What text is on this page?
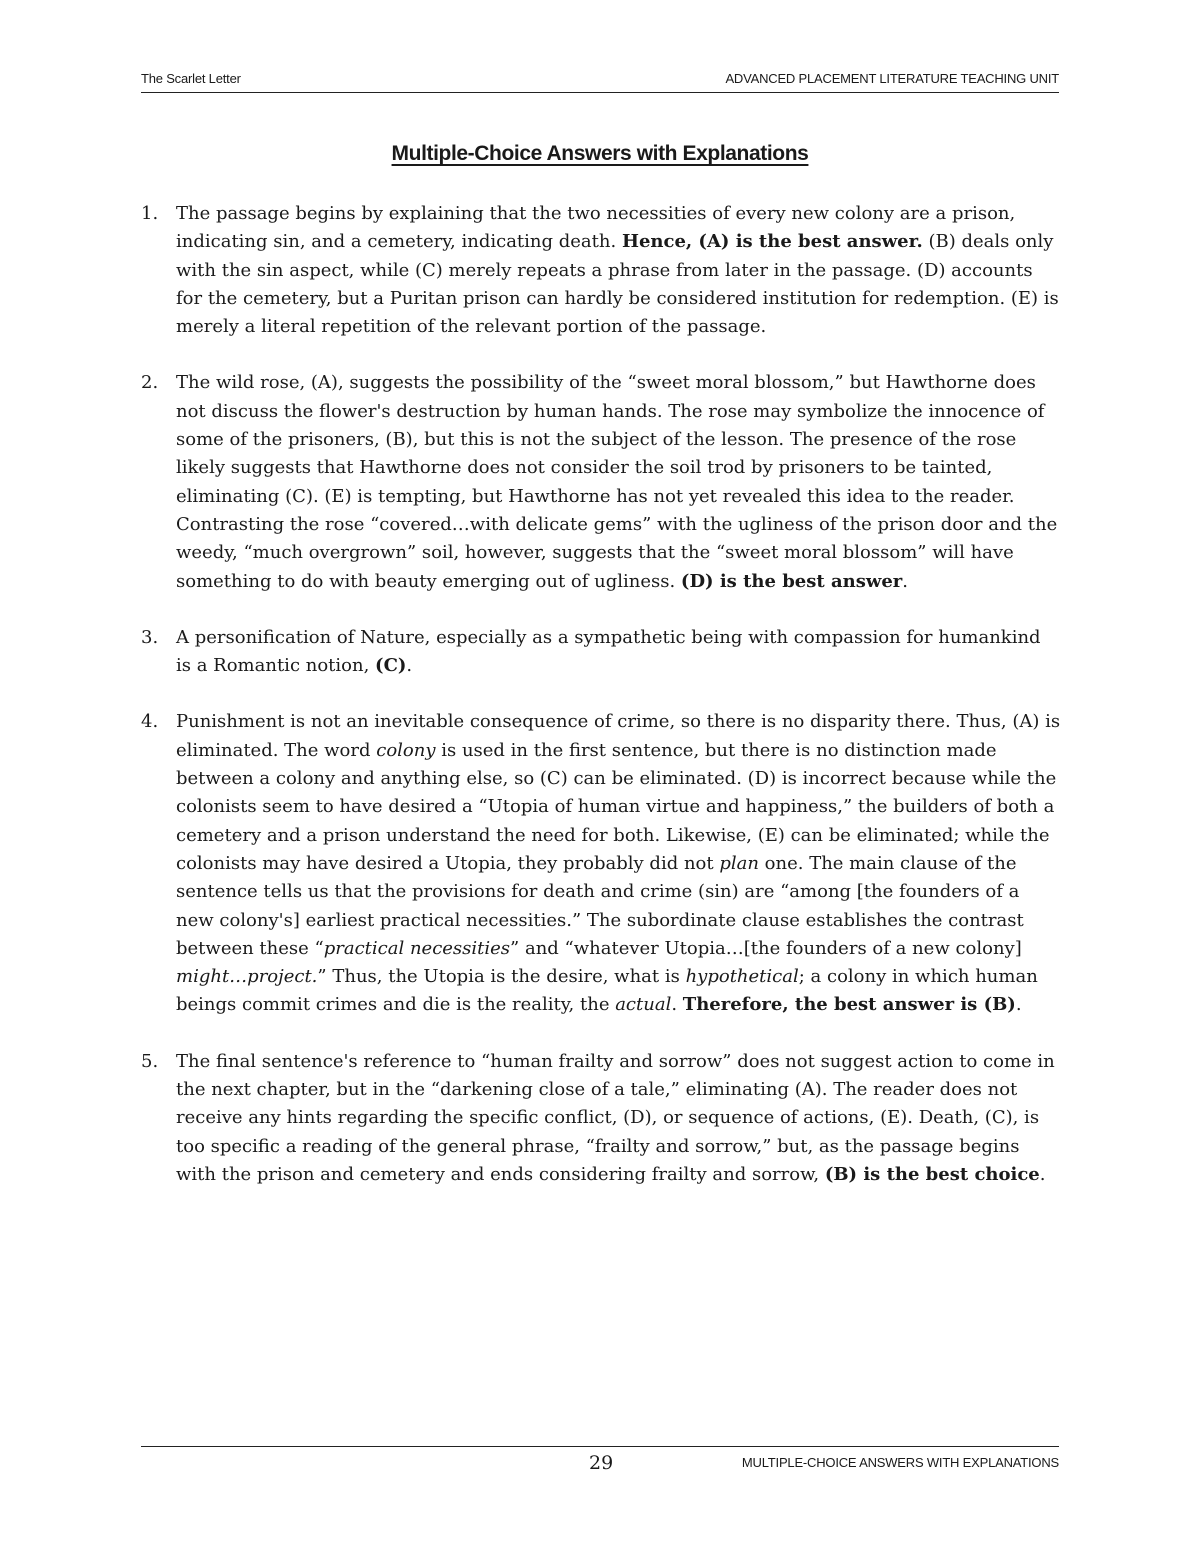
The Scarlet Letter	ADVANCED PLACEMENT LITERATURE TEACHING UNIT
Multiple-Choice Answers with Explanations
1. The passage begins by explaining that the two necessities of every new colony are a prison, indicating sin, and a cemetery, indicating death. Hence, (A) is the best answer. (B) deals only with the sin aspect, while (C) merely repeats a phrase from later in the passage. (D) accounts for the cemetery, but a Puritan prison can hardly be considered institution for redemption. (E) is merely a literal repetition of the relevant portion of the passage.
2. The wild rose, (A), suggests the possibility of the “sweet moral blossom,” but Hawthorne does not discuss the flower's destruction by human hands. The rose may symbolize the innocence of some of the prisoners, (B), but this is not the subject of the lesson. The presence of the rose likely suggests that Hawthorne does not consider the soil trod by prisoners to be tainted, eliminating (C). (E) is tempting, but Hawthorne has not yet revealed this idea to the reader. Contrasting the rose “covered…with delicate gems” with the ugliness of the prison door and the weedy, “much overgrown” soil, however, suggests that the “sweet moral blossom” will have something to do with beauty emerging out of ugliness. (D) is the best answer.
3. A personification of Nature, especially as a sympathetic being with compassion for humankind is a Romantic notion, (C).
4. Punishment is not an inevitable consequence of crime, so there is no disparity there. Thus, (A) is eliminated. The word colony is used in the first sentence, but there is no distinction made between a colony and anything else, so (C) can be eliminated. (D) is incorrect because while the colonists seem to have desired a “Utopia of human virtue and happiness,” the builders of both a cemetery and a prison understand the need for both. Likewise, (E) can be eliminated; while the colonists may have desired a Utopia, they probably did not plan one. The main clause of the sentence tells us that the provisions for death and crime (sin) are “among [the founders of a new colony's] earliest practical necessities.” The subordinate clause establishes the contrast between these “practical necessities” and “whatever Utopia…[the founders of a new colony] might…project.” Thus, the Utopia is the desire, what is hypothetical; a colony in which human beings commit crimes and die is the reality, the actual. Therefore, the best answer is (B).
5. The final sentence's reference to “human frailty and sorrow” does not suggest action to come in the next chapter, but in the “darkening close of a tale,” eliminating (A). The reader does not receive any hints regarding the specific conflict, (D), or sequence of actions, (E). Death, (C), is too specific a reading of the general phrase, “frailty and sorrow,” but, as the passage begins with the prison and cemetery and ends considering frailty and sorrow, (B) is the best choice.
29	MULTIPLE-CHOICE ANSWERS WITH EXPLANATIONS
